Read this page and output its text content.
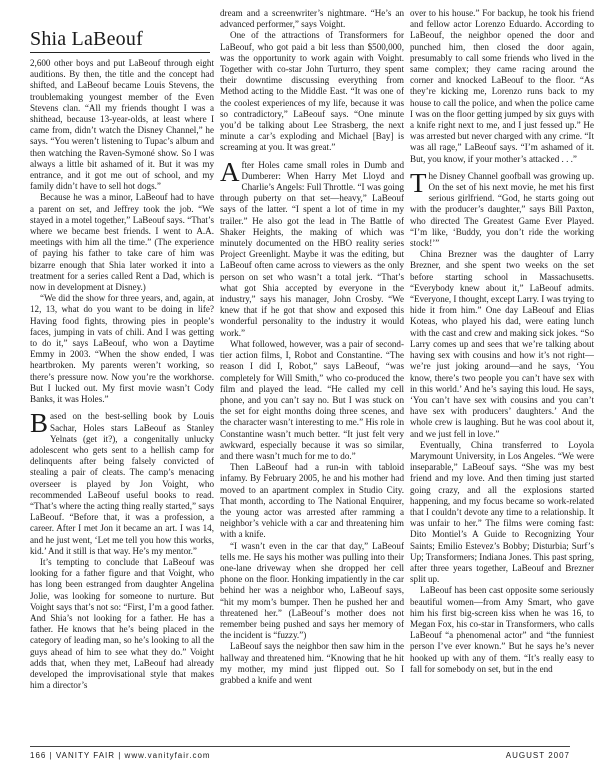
Shia LaBeouf

2,600 other boys and put LaBeouf through eight auditions. By then, the title and the concept had shifted, and LaBeouf became Louis Stevens, the troublemaking youngest member of the Even Stevens clan. “All my friends thought I was a shithead, because 13-year-olds, at least where I came from, didn’t watch the Disney Channel,” he says. “You weren’t listening to Tupac’s album and then watching the Raven-Symoné show. So I was always a little bit ashamed of it. But it was my entrance, and it got me out of school, and my family didn’t have to sell hot dogs.”

Because he was a minor, LaBeouf had to have a parent on set, and Jeffrey took the job. “We stayed in a motel together,” LaBeouf says. “That’s where we became best friends. I went to A.A. meetings with him all the time.” (The experience of paying his father to take care of him was bizarre enough that Shia later worked it into a treatment for a series called Rent a Dad, which is now in development at Disney.)

“We did the show for three years, and, again, at 12, 13, what do you want to be doing in life? Having food fights, throwing pies in people’s faces, jumping in vats of chili. And I was getting to do it,” says LaBeouf, who won a Daytime Emmy in 2003. “When the show ended, I was heartbroken. My parents weren’t working, so there’s pressure now. Now you’re the workhorse. But I lucked out. My first movie wasn’t Cody Banks, it was Holes.”

Based on the best-selling book by Louis Sachar, Holes stars LaBeouf as Stanley Yelnats (get it?), a congenitally unlucky adolescent who gets sent to a hellish camp for delinquents after being falsely convicted of stealing a pair of cleats. The camp’s menacing overseer is played by Jon Voight, who recommended LaBeouf useful books to read. “That’s where the acting thing really started,” says LaBeouf. “Before that, it was a profession, a career. After I met Jon it became an art. I was 14, and he just went, ‘Let me tell you how this works, kid.’ And it still is that way. He’s my mentor.”

It’s tempting to conclude that LaBeouf was looking for a father figure and that Voight, who has long been estranged from daughter Angelina Jolie, was looking for someone to nurture. But Voight says that’s not so: “First, I’m a good father. And Shia’s not looking for a father. He has a father. He knows that he’s being placed in the category of leading man, so he’s looking to all the guys ahead of him to see what they do.” Voight adds that, when they met, LaBeouf had already developed the improvisational style that makes him a director’s

dream and a screenwriter’s nightmare. “He’s an advanced performer,” says Voight.

One of the attractions of Transformers for LaBeouf, who got paid a bit less than $500,000, was the opportunity to work again with Voight. Together with co-star John Turturro, they spent their downtime discussing everything from Method acting to the Middle East. “It was one of the coolest experiences of my life, because it was so contradictory,” LaBeouf says. “One minute you’d be talking about Lee Strasberg, the next minute a car’s exploding and Michael [Bay] is screaming at you. It was great.”

After Holes came small roles in Dumb and Dumberer: When Harry Met Lloyd and Charlie’s Angels: Full Throttle. “I was going through puberty on that set—heavy,” LaBeouf says of the latter. “I spent a lot of time in my trailer.” He also got the lead in The Battle of Shaker Heights, the making of which was minutely documented on the HBO reality series Project Greenlight. Maybe it was the editing, but LaBeouf often came across to viewers as the only person on set who wasn’t a total jerk. “That’s what got Shia accepted by everyone in the industry,” says his manager, John Crosby. “We knew that if he got that show and exposed this wonderful personality to the industry it would work.”

What followed, however, was a pair of second-tier action films, I, Robot and Constantine. “The reason I did I, Robot,” says LaBeouf, “was completely for Will Smith,” who co-produced the film and played the lead. “He called my cell phone, and you can’t say no. But I was stuck on the set for eight months doing three scenes, and the character wasn’t interesting to me.” His role in Constantine wasn’t much better. “It just felt very awkward, especially because it was so similar, and there wasn’t much for me to do.”

Then LaBeouf had a run-in with tabloid infamy. By February 2005, he and his mother had moved to an apartment complex in Studio City. That month, according to The National Enquirer, the young actor was arrested after ramming a neighbor’s vehicle with a car and threatening him with a knife.

“I wasn’t even in the car that day,” LaBeouf tells me. He says his mother was pulling into their one-lane driveway when she dropped her cell phone on the floor. Honking impatiently in the car behind her was a neighbor who, LaBeouf says, “hit my mom’s bumper. Then he pushed her and threatened her.” (LaBeouf’s mother does not remember being pushed and says her memory of the incident is “fuzzy.”)

LaBeouf says the neighbor then saw him in the hallway and threatened him. “Knowing that he hit my mother, my mind just flipped out. So I grabbed a knife and went

over to his house.” For backup, he took his friend and fellow actor Lorenzo Eduardo. According to LaBeouf, the neighbor opened the door and punched him, then closed the door again, presumably to call some friends who lived in the same complex; they came racing around the corner and knocked LaBeouf to the floor. “As they’re kicking me, Lorenzo runs back to my house to call the police, and when the police came I was on the floor getting jumped by six guys with a knife right next to me, and I just fessed up.” He was arrested but never charged with any crime. “It was all rage,” LaBeouf says. “I’m ashamed of it. But, you know, if your mother’s attacked . . .”

The Disney Channel goofball was growing up. On the set of his next movie, he met his first serious girlfriend. “God, he starts going out with the producer’s daughter,” says Bill Paxton, who directed The Greatest Game Ever Played. “I’m like, ‘Buddy, you don’t ride the working stock!’”

China Brezner was the daughter of Larry Brezner, and she spent two weeks on the set before starting school in Massachusetts. “Everybody knew about it,” LaBeouf admits. “Everyone, I thought, except Larry. I was trying to hide it from him.” One day LaBeouf and Elias Koteas, who played his dad, were eating lunch with the cast and crew and making sick jokes. “So Larry comes up and sees that we’re talking about having sex with cousins and how it’s not right—we’re just joking around—and he says, ‘You know, there’s two people you can’t have sex with in this world.’ And he’s saying this loud. He says, ‘You can’t have sex with cousins and you can’t have sex with producers’ daughters.’ And the whole crew is laughing. But he was cool about it, and we just fell in love.”

Eventually, China transferred to Loyola Marymount University, in Los Angeles. “We were inseparable,” LaBeouf says. “She was my best friend and my love. And then timing just started going crazy, and all the explosions started happening, and my focus became so work-related that I couldn’t devote any time to a relationship. It was unfair to her.” The films were coming fast: Dito Montiel’s A Guide to Recognizing Your Saints; Emilio Estevez’s Bobby; Disturbia; Surf’s Up; Transformers; Indiana Jones. This past spring, after three years together, LaBeouf and Brezner split up.

LaBeouf has been cast opposite some seriously beautiful women—from Amy Smart, who gave him his first big-screen kiss when he was 16, to Megan Fox, his co-star in Transformers, who calls LaBeouf “a phenomenal actor” and “the funniest person I’ve ever known.” But he says he’s never hooked up with any of them. “It’s really easy to fall for somebody on set, but in the end

166 | VANITY FAIR | www.vanityfair.com	AUGUST 2007
